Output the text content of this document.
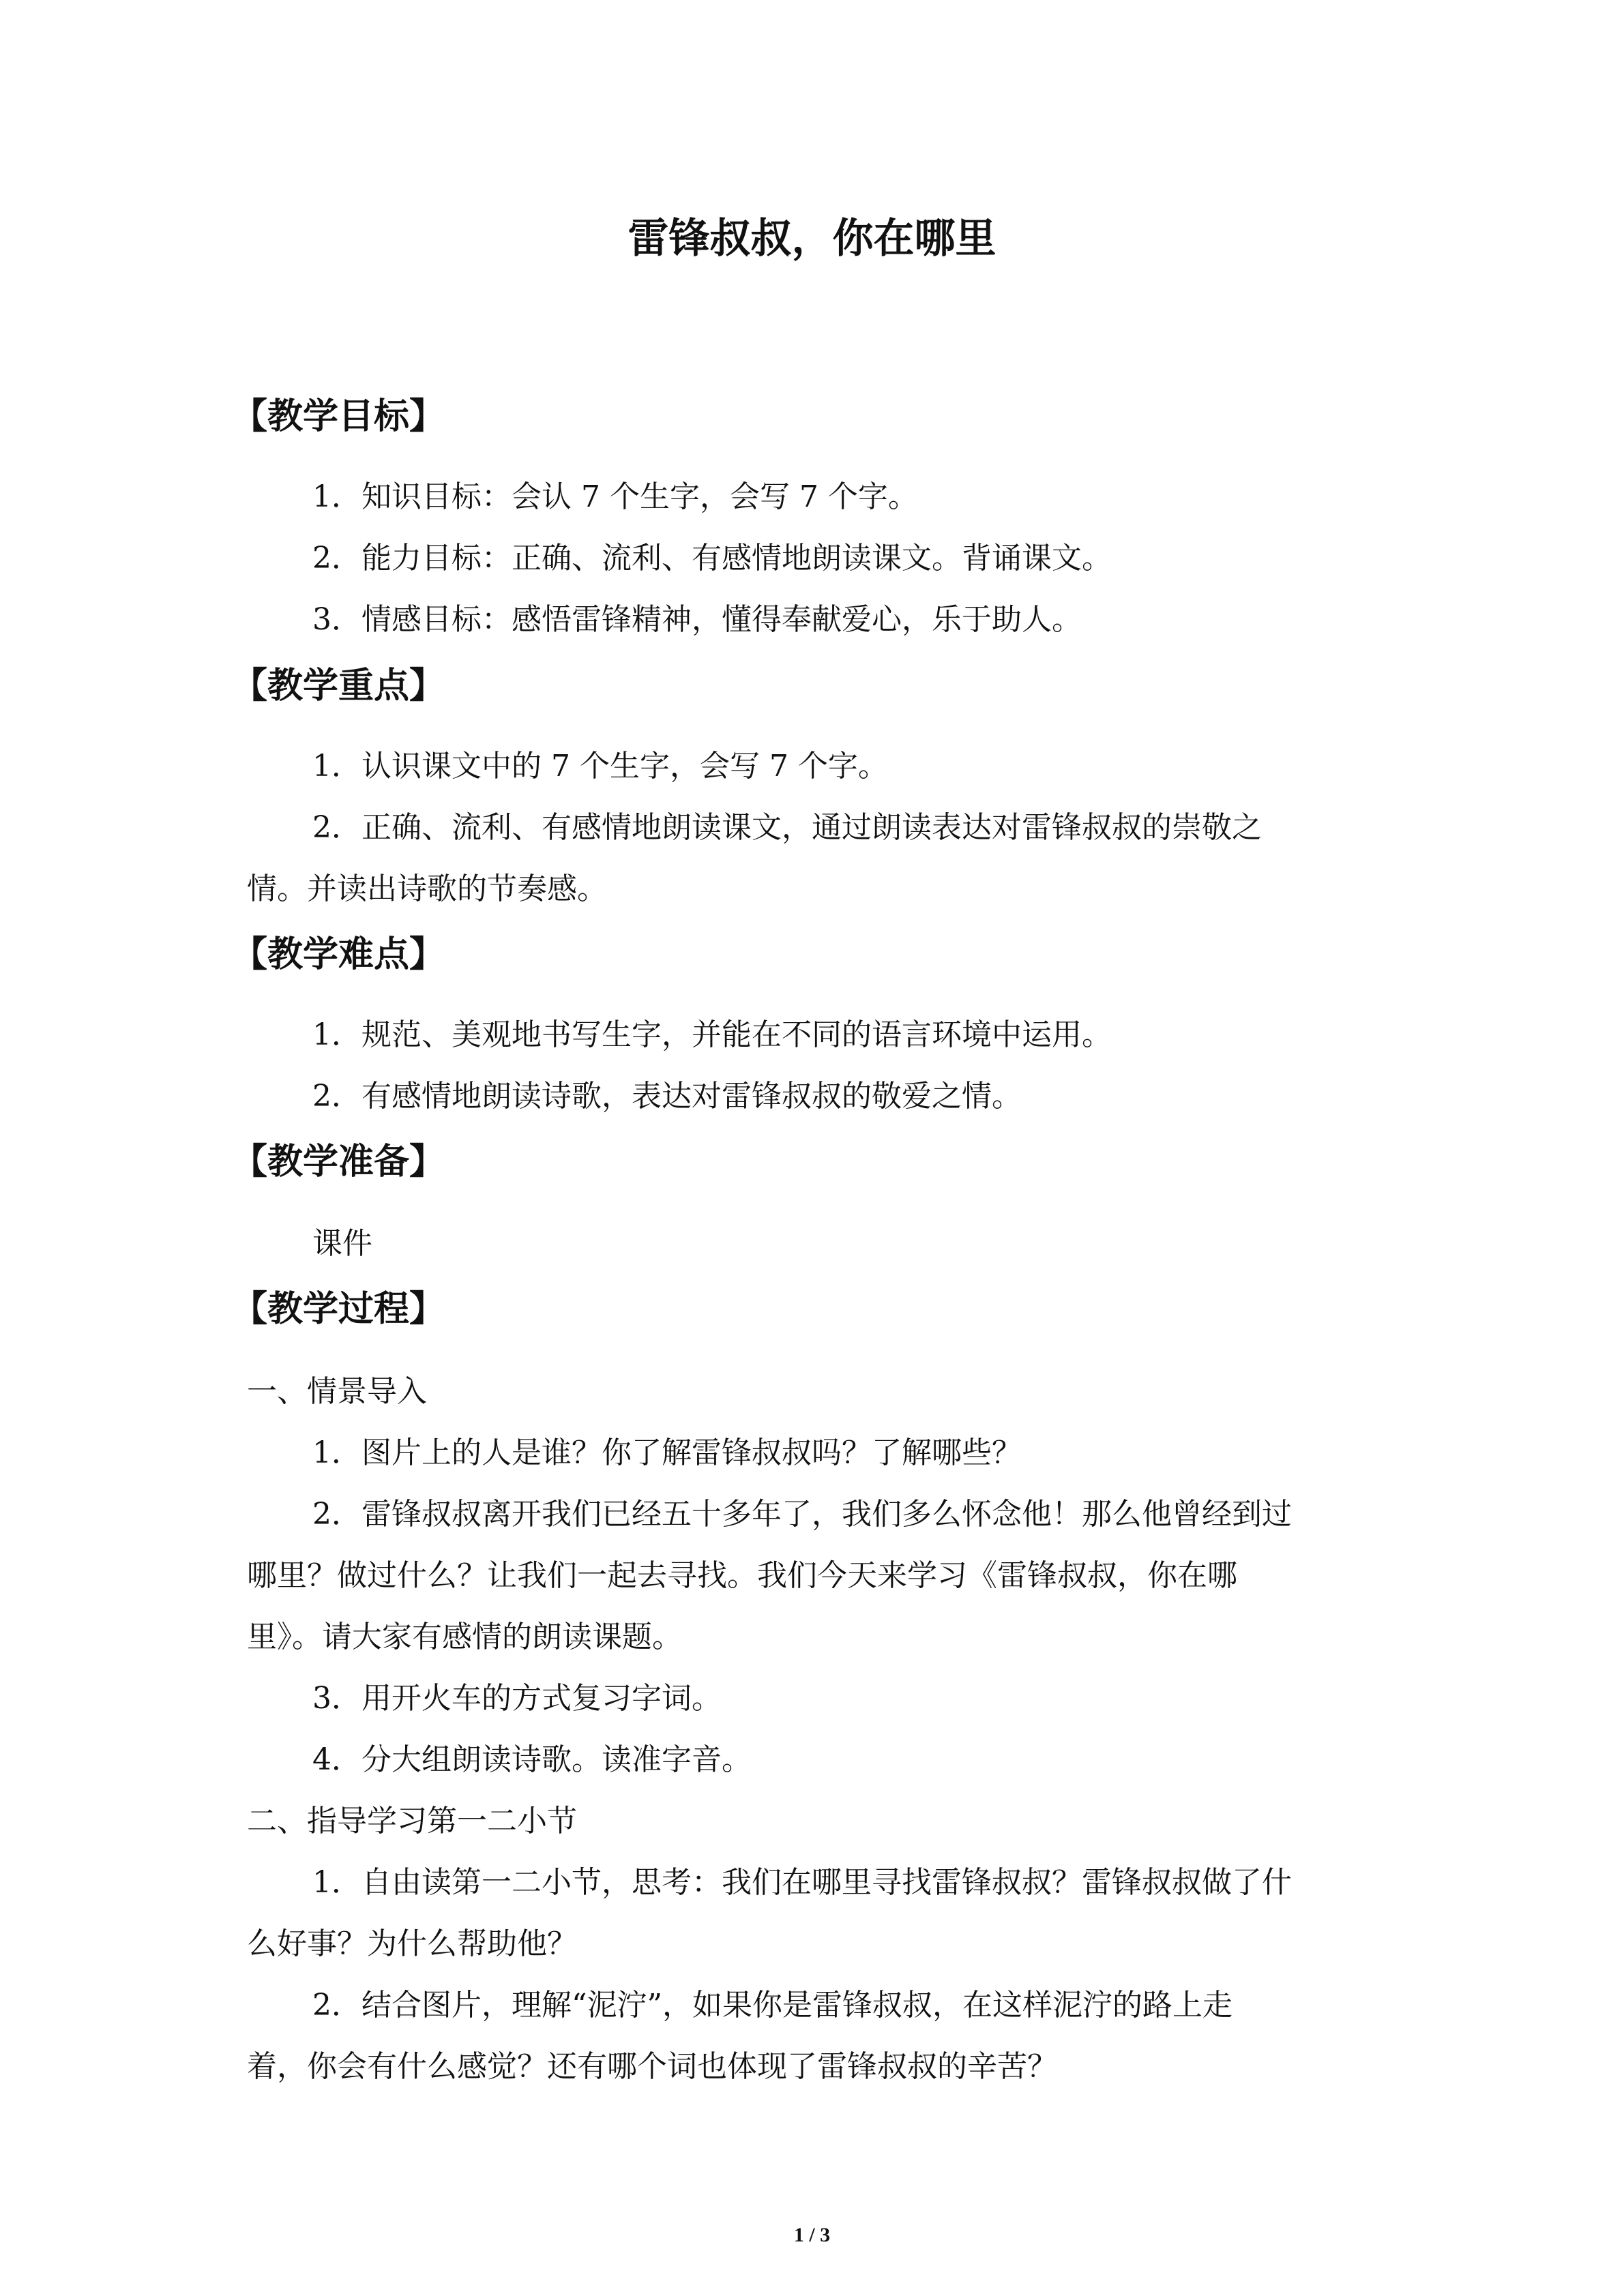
雷锋叔叔，你在哪里
【教学目标】
1．知识目标：会认 7 个生字，会写 7 个字。
2．能力目标：正确、流利、有感情地朗读课文。背诵课文。
3．情感目标：感悟雷锋精神，懂得奉献爱心，乐于助人。
【教学重点】
1．认识课文中的 7 个生字，会写 7 个字。
2．正确、流利、有感情地朗读课文，通过朗读表达对雷锋叔叔的崇敬之
情。并读出诗歌的节奏感。
【教学难点】
1．规范、美观地书写生字，并能在不同的语言环境中运用。
2．有感情地朗读诗歌，表达对雷锋叔叔的敬爱之情。
【教学准备】
课件
【教学过程】
一、情景导入
1．图片上的人是谁？你了解雷锋叔叔吗？了解哪些？
2．雷锋叔叔离开我们已经五十多年了，我们多么怀念他！那么他曾经到过
哪里？做过什么？让我们一起去寻找。我们今天来学习《雷锋叔叔，你在哪
里》。请大家有感情的朗读课题。
3．用开火车的方式复习字词。
4．分大组朗读诗歌。读准字音。
二、指导学习第一二小节
1．自由读第一二小节，思考：我们在哪里寻找雷锋叔叔？雷锋叔叔做了什
么好事？为什么帮助他？
2．结合图片，理解“泥泞”，如果你是雷锋叔叔，在这样泥泞的路上走
着，你会有什么感觉？还有哪个词也体现了雷锋叔叔的辛苦？
1 / 3
